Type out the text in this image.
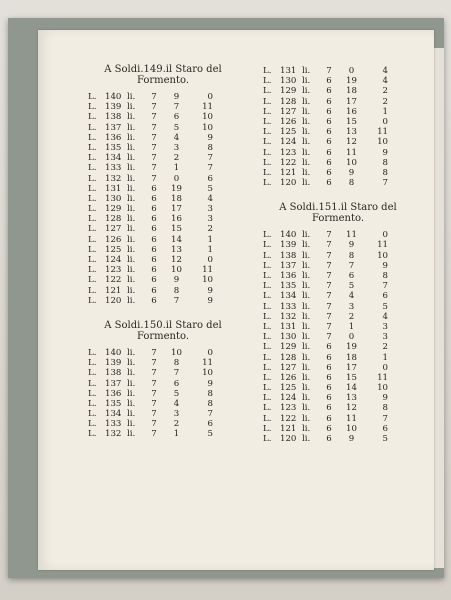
A Soldi.149.il Staro del
Formento.
L. 140 li.	7	9	0
L. 139 li.	7	7	11
L. 138 li.	7	6	10
L. 137 li.	7	5	10
L. 136 li.	7	4	9
L. 135 li.	7	3	8
L. 134 li.	7	2	7
L. 133 li.	7	1	7
L. 132 li.	7	0	6
L. 131 li.	6	19	5
L. 130 li.	6	18	4
L. 129 li.	6	17	3
L. 128 li.	6	16	3
L. 127 li.	6	15	2
L. 126 li.	6	14	1
L. 125 li.	6	13	1
L. 124 li.	6	12	0
L. 123 li.	6	10	11
L. 122 li.	6	9	10
L. 121 li.	6	8	9
L. 120 li.	6	7	9
A Soldi.150.il Staro del
Formento.
L. 140 li.	7	10	0
L. 139 li.	7	8	11
L. 138 li.	7	7	10
L. 137 li.	7	6	9
L. 136 li.	7	5	8
L. 135 li.	7	4	8
L. 134 li.	7	3	7
L. 133 li.	7	2	6
L. 132 li.	7	1	5
L. 131 li.	7	0	4
L. 130 li.	6	19	4
L. 129 li.	6	18	2
L. 128 li.	6	17	2
L. 127 li.	6	16	1
L. 126 li.	6	15	0
L. 125 li.	6	13	11
L. 124 li.	6	12	10
L. 123 li.	6	11	9
L. 122 li.	6	10	8
L. 121 li.	6	9	8
L. 120 li.	6	8	7
A Soldi.151.il Staro del
Formento.
L. 140 li.	7	11	0
L. 139 li.	7	9	11
L. 138 li.	7	8	10
L. 137 li.	7	7	9
L. 136 li.	7	6	8
L. 135 li.	7	5	7
L. 134 li.	7	4	6
L. 133 li.	7	3	5
L. 132 li.	7	2	4
L. 131 li.	7	1	3
L. 130 li.	7	0	3
L. 129 li.	6	19	2
L. 128 li.	6	18	1
L. 127 li.	6	17	0
L. 126 li.	6	15	11
L. 125 li.	6	14	10
L. 124 li.	6	13	9
L. 123 li.	6	12	8
L. 122 li.	6	11	7
L. 121 li.	6	10	6
L. 120 li.	6	9	5
